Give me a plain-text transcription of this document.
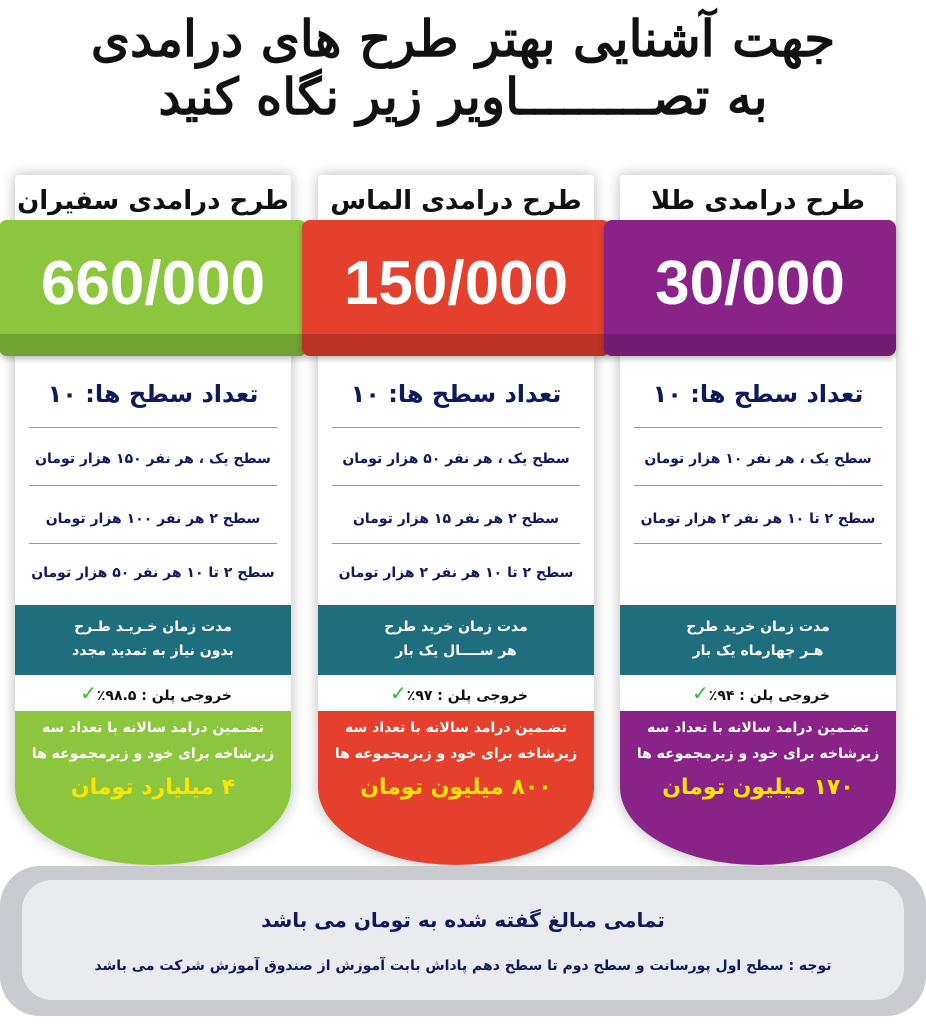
جهت آشنایی بهتر طرح های درامدی
به تصـــــــــاویر زیر نگاه کنید
تعداد سطح ها: ۱۰
سطح یک ، هر نفر ۱۵۰ هزار تومان
سطح ۲ هر نفر ۱۰۰ هزار تومان
سطح ۲ تا ۱۰ هر نفر ۵۰ هزار تومان
مدت زمان خـریـد طـرح
بدون نیاز به تمدید مجدد
خروجی پلن : ۹۸.۵٪✓
تضـمین درامد سالانه با تعداد سه
زیرشاخه برای خود و زیرمجموعه ها
۴ میلیارد تومان
طرح درامدی سفیران
660/000
تعداد سطح ها: ۱۰
سطح یک ، هر نفر ۵۰ هزار تومان
سطح ۲ هر نفر ۱۵ هزار تومان
سطح ۲ تا ۱۰ هر نفر ۲ هزار تومان
مدت زمان خرید طرح
هر ســــال یک بار
خروجی پلن : ۹۷٪✓
تضـمین درامد سالانه با تعداد سه
زیرشاخه برای خود و زیرمجموعه ها
۸۰۰ میلیون تومان
طرح درامدی الماس
150/000
تعداد سطح ها: ۱۰
سطح یک ، هر نفر ۱۰ هزار تومان
سطح ۲ تا ۱۰ هر نفر ۲ هزار تومان
مدت زمان خرید طرح
هـر چهارماه یک بار
خروجی پلن : ۹۴٪✓
تضـمین درامد سالانه با تعداد سه
زیرشاخه برای خود و زیرمجموعه ها
۱۷۰ میلیون تومان
طرح درامدی طلا
30/000
تمامی مبالغ گفته شده به تومان می باشد
توجه : سطح اول پورسانت و سطح دوم تا سطح دهم پاداش بابت آموزش از صندوق آموزش شرکت می باشد
